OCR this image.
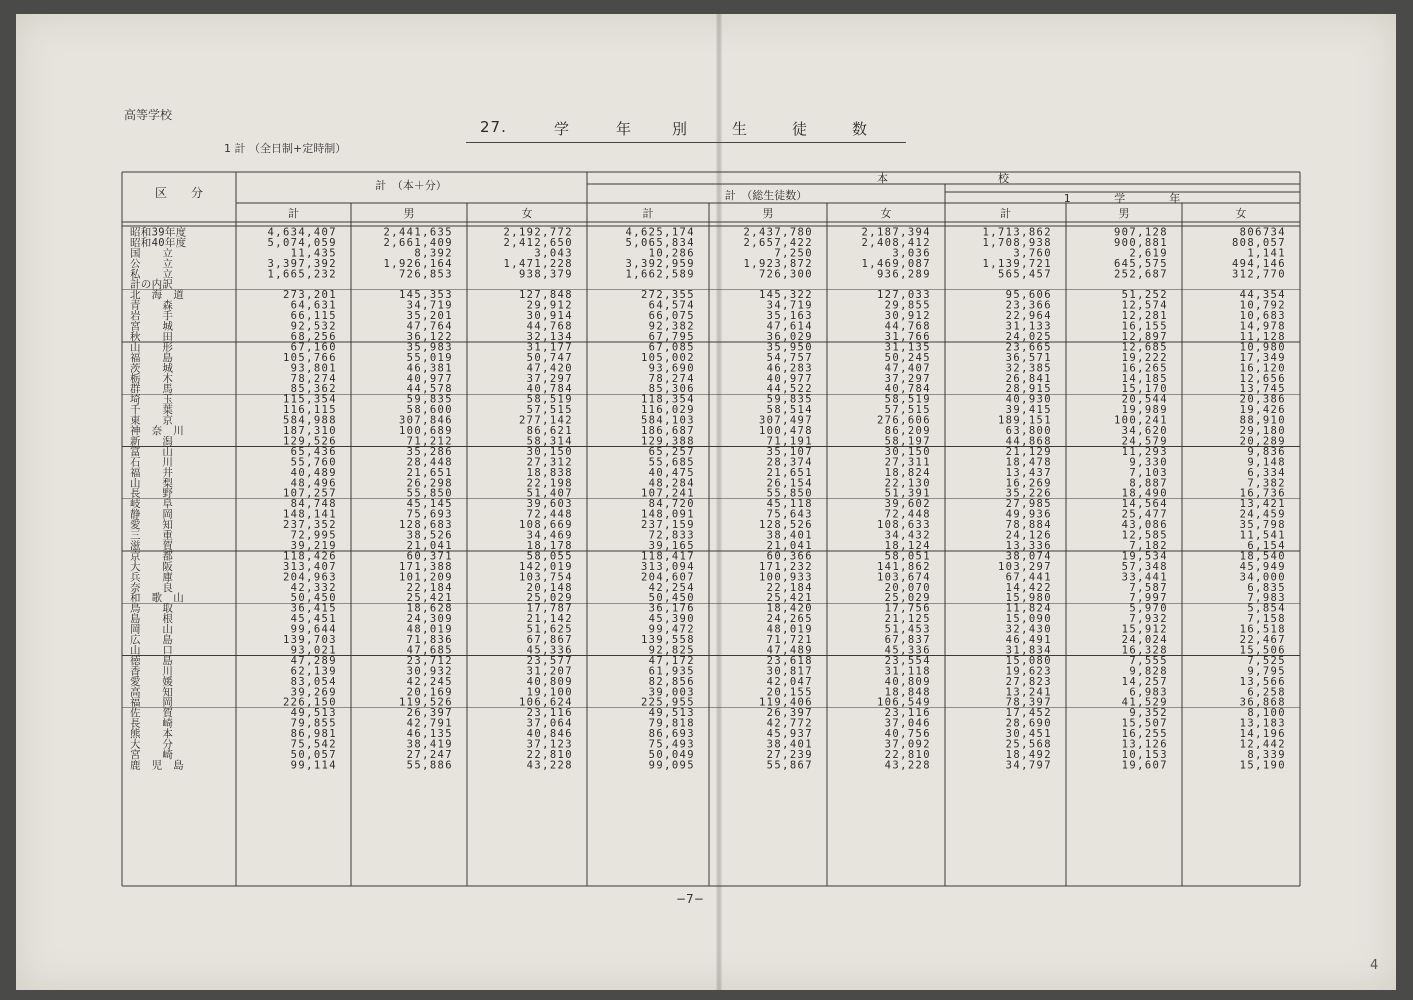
高等学校
27.	学	年	別	生	徒	数
1 計 （全日制+定時制）
区　　分
計　（本＋分）
本　　　　　　　　　　校
計　（総生徒数）	1　　　　学　　　　年
計	男	女	計	男	女	計	男	女
昭和39年度	4,634,407	2,441,635	2,192,772	4,625,174	2,437,780	2,187,394	1,713,862	907,128	806734
昭和40年度	5,074,059	2,661,409	2,412,650	5,065,834	2,657,422	2,408,412	1,708,938	900,881	808,057
国　　立	11,435	8,392	3,043	10,286	7,250	3,036	3,760	2,619	1,141
公　　立	3,397,392	1,926,164	1,471,228	3,392,959	1,923,872	1,469,087	1,139,721	645,575	494,146
私　　立	1,665,232	726,853	938,379	1,662,589	726,300	936,289	565,457	252,687	312,770
計の内訳
北　海　道	273,201	145,353	127,848	272,355	145,322	127,033	95,606	51,252	44,354
青　　森	64,631	34,719	29,912	64,574	34,719	29,855	23,366	12,574	10,792
岩　　手	66,115	35,201	30,914	66,075	35,163	30,912	22,964	12,281	10,683
宮　　城	92,532	47,764	44,768	92,382	47,614	44,768	31,133	16,155	14,978
秋　　田	68,256	36,122	32,134	67,795	36,029	31,766	24,025	12,897	11,128
山　　形	67,160	35,983	31,177	67,085	35,950	31,135	23,665	12,685	10,980
福　　島	105,766	55,019	50,747	105,002	54,757	50,245	36,571	19,222	17,349
茨　　城	93,801	46,381	47,420	93,690	46,283	47,407	32,385	16,265	16,120
栃　　木	78,274	40,977	37,297	78,274	40,977	37,297	26,841	14,185	12,656
群　　馬	85,362	44,578	40,784	85,306	44,522	40,784	28,915	15,170	13,745
埼　　玉	115,354	59,835	58,519	118,354	59,835	58,519	40,930	20,544	20,386
千　　葉	116,115	58,600	57,515	116,029	58,514	57,515	39,415	19,989	19,426
東　　京	584,988	307,846	277,142	584,103	307,497	276,606	189,151	100,241	88,910
神　奈　川	187,310	100,689	86,621	186,687	100,478	86,209	63,800	34,620	29,180
新　　潟	129,526	71,212	58,314	129,388	71,191	58,197	44,868	24,579	20,289
富　　山	65,436	35,286	30,150	65,257	35,107	30,150	21,129	11,293	9,836
石　　川	55,760	28,448	27,312	55,685	28,374	27,311	18,478	9,330	9,148
福　　井	40,489	21,651	18,838	40,475	21,651	18,824	13,437	7,103	6,334
山　　梨	48,496	26,298	22,198	48,284	26,154	22,130	16,269	8,887	7,382
長　　野	107,257	55,850	51,407	107,241	55,850	51,391	35,226	18,490	16,736
岐　　阜	84,748	45,145	39,603	84,720	45,118	39,602	27,985	14,564	13,421
静　　岡	148,141	75,693	72,448	148,091	75,643	72,448	49,936	25,477	24,459
愛　　知	237,352	128,683	108,669	237,159	128,526	108,633	78,884	43,086	35,798
三　　重	72,995	38,526	34,469	72,833	38,401	34,432	24,126	12,585	11,541
滋　　賀	39,219	21,041	18,178	39,165	21,041	18,124	13,336	7,182	6,154
京　　都	118,426	60,371	58,055	118,417	60,366	58,051	38,074	19,534	18,540
大　　阪	313,407	171,388	142,019	313,094	171,232	141,862	103,297	57,348	45,949
兵　　庫	204,963	101,209	103,754	204,607	100,933	103,674	67,441	33,441	34,000
奈　　良	42,332	22,184	20,148	42,254	22,184	20,070	14,422	7,587	6,835
和　歌　山	50,450	25,421	25,029	50,450	25,421	25,029	15,980	7,997	7,983
鳥　　取	36,415	18,628	17,787	36,176	18,420	17,756	11,824	5,970	5,854
島　　根	45,451	24,309	21,142	45,390	24,265	21,125	15,090	7,932	7,158
岡　　山	99,644	48,019	51,625	99,472	48,019	51,453	32,430	15,912	16,518
広　　島	139,703	71,836	67,867	139,558	71,721	67,837	46,491	24,024	22,467
山　　口	93,021	47,685	45,336	92,825	47,489	45,336	31,834	16,328	15,506
徳　　島	47,289	23,712	23,577	47,172	23,618	23,554	15,080	7,555	7,525
香　　川	62,139	30,932	31,207	61,935	30,817	31,118	19,623	9,828	9,795
愛　　媛	83,054	42,245	40,809	82,856	42,047	40,809	27,823	14,257	13,566
高　　知	39,269	20,169	19,100	39,003	20,155	18,848	13,241	6,983	6,258
福　　岡	226,150	119,526	106,624	225,955	119,406	106,549	78,397	41,529	36,868
佐　　賀	49,513	26,397	23,116	49,513	26,397	23,116	17,452	9,352	8,100
長　　崎	79,855	42,791	37,064	79,818	42,772	37,046	28,690	15,507	13,183
熊　　本	86,981	46,135	40,846	86,693	45,937	40,756	30,451	16,255	14,196
大　　分	75,542	38,419	37,123	75,493	38,401	37,092	25,568	13,126	12,442
宮　　崎	50,057	27,247	22,810	50,049	27,239	22,810	18,492	10,153	8,339
鹿　児　島	99,114	55,886	43,228	99,095	55,867	43,228	34,797	19,607	15,190
−7−
4
